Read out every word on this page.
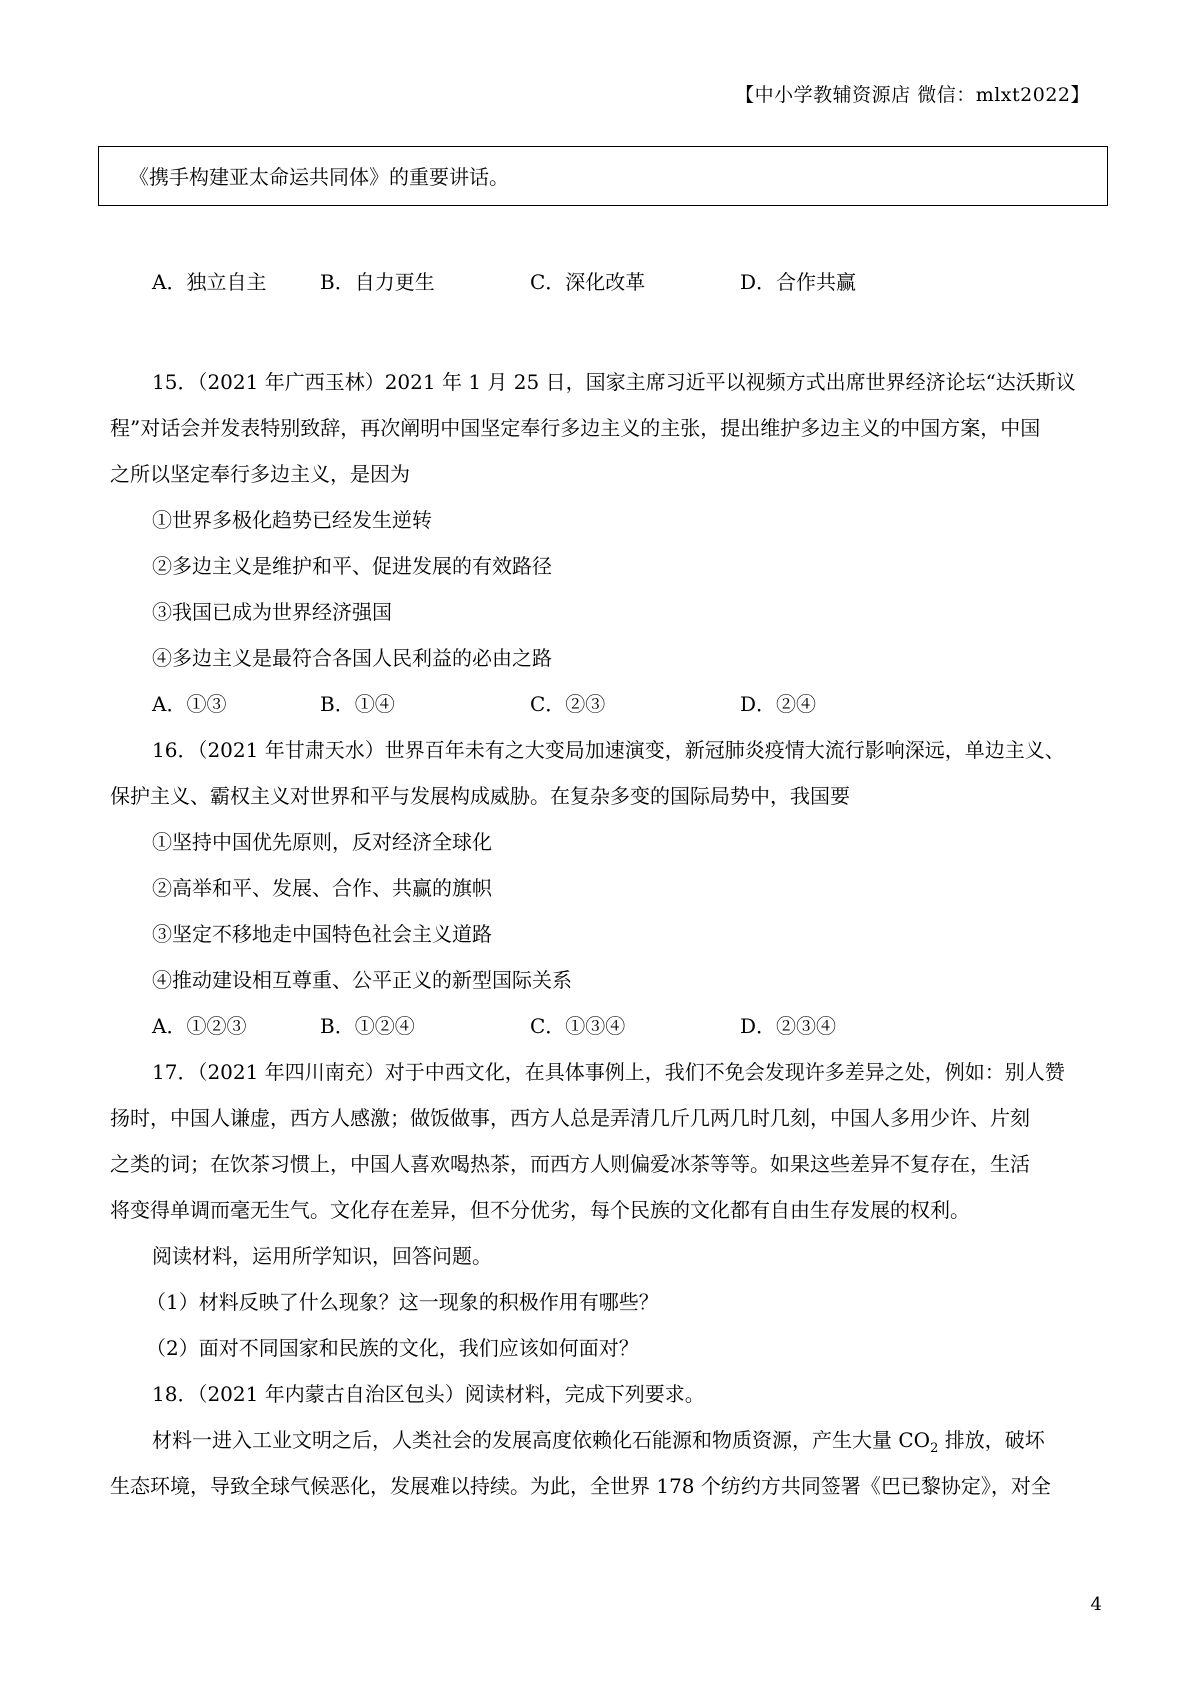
【中小学教辅资源店 微信：mlxt2022】
《携手构建亚太命运共同体》的重要讲话。
A．独立自主	B．自力更生	C．深化改革	D．合作共赢
15．（2021 年广西玉林）2021 年 1 月 25 日，国家主席习近平以视频方式出席世界经济论坛“达沃斯议
程”对话会并发表特别致辞，再次阐明中国坚定奉行多边主义的主张，提出维护多边主义的中国方案，中国
之所以坚定奉行多边主义，是因为
①世界多极化趋势已经发生逆转
②多边主义是维护和平、促进发展的有效路径
③我国已成为世界经济强国
④多边主义是最符合各国人民利益的必由之路
A．①③	B．①④	C．②③	D．②④
16．（2021 年甘肃天水）世界百年未有之大变局加速演变，新冠肺炎疫情大流行影响深远，单边主义、
保护主义、霸权主义对世界和平与发展构成威胁。在复杂多变的国际局势中，我国要
①坚持中国优先原则，反对经济全球化
②高举和平、发展、合作、共赢的旗帜
③坚定不移地走中国特色社会主义道路
④推动建设相互尊重、公平正义的新型国际关系
A．①②③	B．①②④	C．①③④	D．②③④
17．（2021 年四川南充）对于中西文化，在具体事例上，我们不免会发现许多差异之处，例如：别人赞
扬时，中国人谦虚，西方人感激；做饭做事，西方人总是弄清几斤几两几时几刻，中国人多用少许、片刻
之类的词；在饮茶习惯上，中国人喜欢喝热茶，而西方人则偏爱冰茶等等。如果这些差异不复存在，生活
将变得单调而毫无生气。文化存在差异，但不分优劣，每个民族的文化都有自由生存发展的权利。
阅读材料，运用所学知识，回答问题。
（1）材料反映了什么现象？这一现象的积极作用有哪些？
（2）面对不同国家和民族的文化，我们应该如何面对？
18．（2021 年内蒙古自治区包头）阅读材料，完成下列要求。
材料一进入工业文明之后，人类社会的发展高度依赖化石能源和物质资源，产生大量 $CO_2$ 排放，破坏
生态环境，导致全球气候恶化，发展难以持续。为此，全世界 178 个纺约方共同签署《巴已黎协定》，对全
4
